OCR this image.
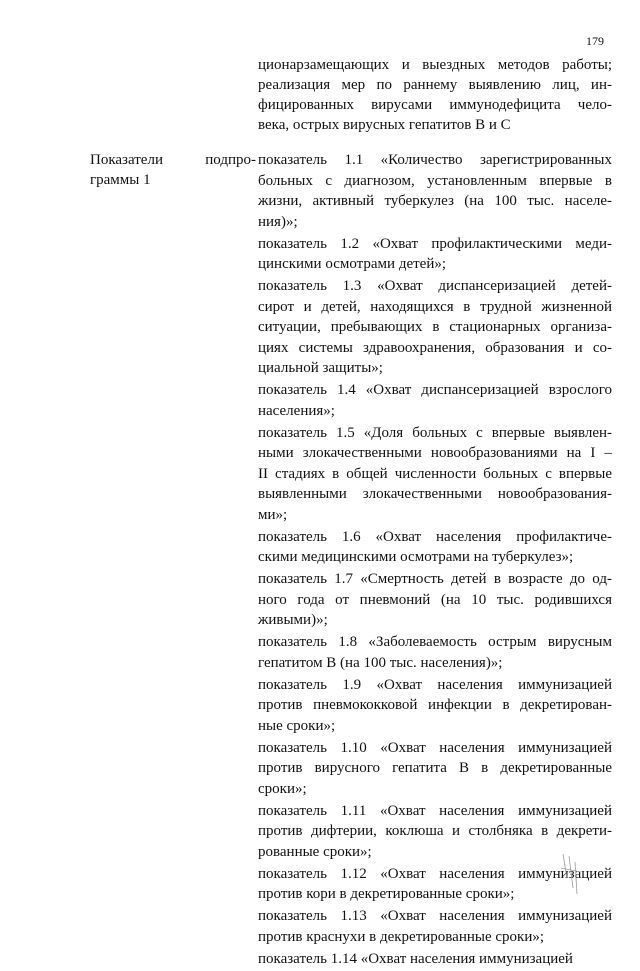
179
ционарзамещающих и выездных методов работы;
реализация мер по раннему выявлению лиц, ин-
фицированных вирусами иммунодефицита чело-
века, острых вирусных гепатитов В и С
Показатели	подпро-
граммы 1
показатель 1.1 «Количество зарегистрированных
больных с диагнозом, установленным впервые в
жизни, активный туберкулез (на 100 тыс. населе-
ния)»;
показатель 1.2 «Охват профилактическими меди-
цинскими осмотрами детей»;
показатель 1.3 «Охват диспансеризацией детей-
сирот и детей, находящихся в трудной жизненной
ситуации, пребывающих в стационарных организа-
циях системы здравоохранения, образования и со-
циальной защиты»;
показатель 1.4 «Охват диспансеризацией взрослого
населения»;
показатель 1.5 «Доля больных с впервые выявлен-
ными злокачественными новообразованиями на I –
II стадиях в общей численности больных с впервые
выявленными злокачественными новообразования-
ми»;
показатель 1.6 «Охват населения профилактиче-
скими медицинскими осмотрами на туберкулез»;
показатель 1.7 «Смертность детей в возрасте до од-
ного года от пневмоний (на 10 тыс. родившихся
живыми)»;
показатель 1.8 «Заболеваемость острым вирусным
гепатитом В (на 100 тыс. населения)»;
показатель 1.9 «Охват населения иммунизацией
против пневмококковой инфекции в декретирован-
ные сроки»;
показатель 1.10 «Охват населения иммунизацией
против вирусного гепатита В в декретированные
сроки»;
показатель 1.11 «Охват населения иммунизацией
против дифтерии, коклюша и столбняка в декрети-
рованные сроки»;
показатель 1.12 «Охват населения иммунизацией
против кори в декретированные сроки»;
показатель 1.13 «Охват населения иммунизацией
против краснухи в декретированные сроки»;
показатель 1.14 «Охват населения иммунизацией
